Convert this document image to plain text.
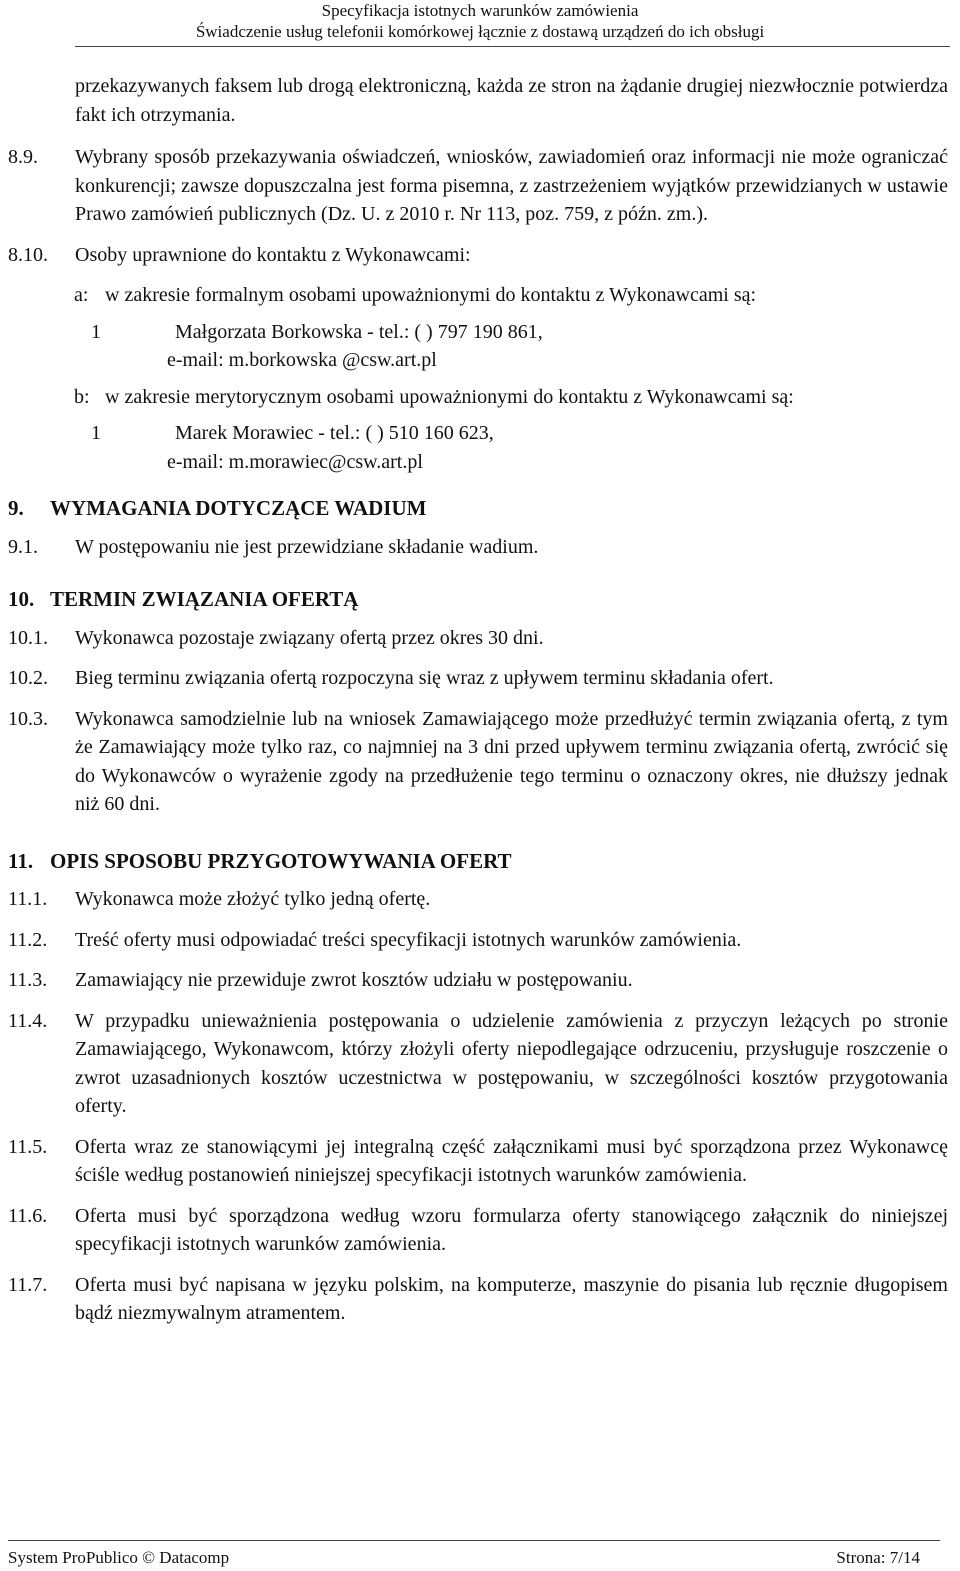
Specyfikacja istotnych warunków zamówienia
Świadczenie usług telefonii komórkowej łącznie z dostawą urządzeń do ich obsługi
przekazywanych faksem lub drogą elektroniczną, każda ze stron na żądanie drugiej niezwłocznie potwierdza fakt ich otrzymania.
8.9. Wybrany sposób przekazywania oświadczeń, wniosków, zawiadomień oraz informacji nie może ograniczać konkurencji; zawsze dopuszczalna jest forma pisemna, z zastrzeżeniem wyjątków przewidzianych w ustawie Prawo zamówień publicznych (Dz. U. z 2010 r. Nr 113, poz. 759, z późn. zm.).
8.10. Osoby uprawnione do kontaktu z Wykonawcami:
a: w zakresie formalnym osobami upoważnionymi do kontaktu z Wykonawcami są:
1	Małgorzata Borkowska - tel.: ( ) 797 190 861,
e-mail: m.borkowska @csw.art.pl
b: w zakresie merytorycznym osobami upoważnionymi do kontaktu z Wykonawcami są:
1	Marek Morawiec - tel.: ( ) 510 160 623,
e-mail: m.morawiec@csw.art.pl
9. WYMAGANIA DOTYCZĄCE WADIUM
9.1. W postępowaniu nie jest przewidziane składanie wadium.
10. TERMIN ZWIĄZANIA OFERTĄ
10.1. Wykonawca pozostaje związany ofertą przez okres 30 dni.
10.2. Bieg terminu związania ofertą rozpoczyna się wraz z upływem terminu składania ofert.
10.3. Wykonawca samodzielnie lub na wniosek Zamawiającego może przedłużyć termin związania ofertą, z tym że Zamawiający może tylko raz, co najmniej na 3 dni przed upływem terminu związania ofertą, zwrócić się do Wykonawców o wyrażenie zgody na przedłużenie tego terminu o oznaczony okres, nie dłuższy jednak niż 60 dni.
11. OPIS SPOSOBU PRZYGOTOWYWANIA OFERT
11.1. Wykonawca może złożyć tylko jedną ofertę.
11.2. Treść oferty musi odpowiadać treści specyfikacji istotnych warunków zamówienia.
11.3. Zamawiający nie przewiduje zwrot kosztów udziału w postępowaniu.
11.4. W przypadku unieważnienia postępowania o udzielenie zamówienia z przyczyn leżących po stronie Zamawiającego, Wykonawcom, którzy złożyli oferty niepodlegające odrzuceniu, przysługuje roszczenie o zwrot uzasadnionych kosztów uczestnictwa w postępowaniu, w szczególności kosztów przygotowania oferty.
11.5. Oferta wraz ze stanowiącymi jej integralną część załącznikami musi być sporządzona przez Wykonawcę ściśle według postanowień niniejszej specyfikacji istotnych warunków zamówienia.
11.6. Oferta musi być sporządzona według wzoru formularza oferty stanowiącego załącznik do niniejszej specyfikacji istotnych warunków zamówienia.
11.7. Oferta musi być napisana w języku polskim, na komputerze, maszynie do pisania lub ręcznie długopisem bądź niezmywalnym atramentem.
System ProPublico © Datacomp	Strona: 7/14
